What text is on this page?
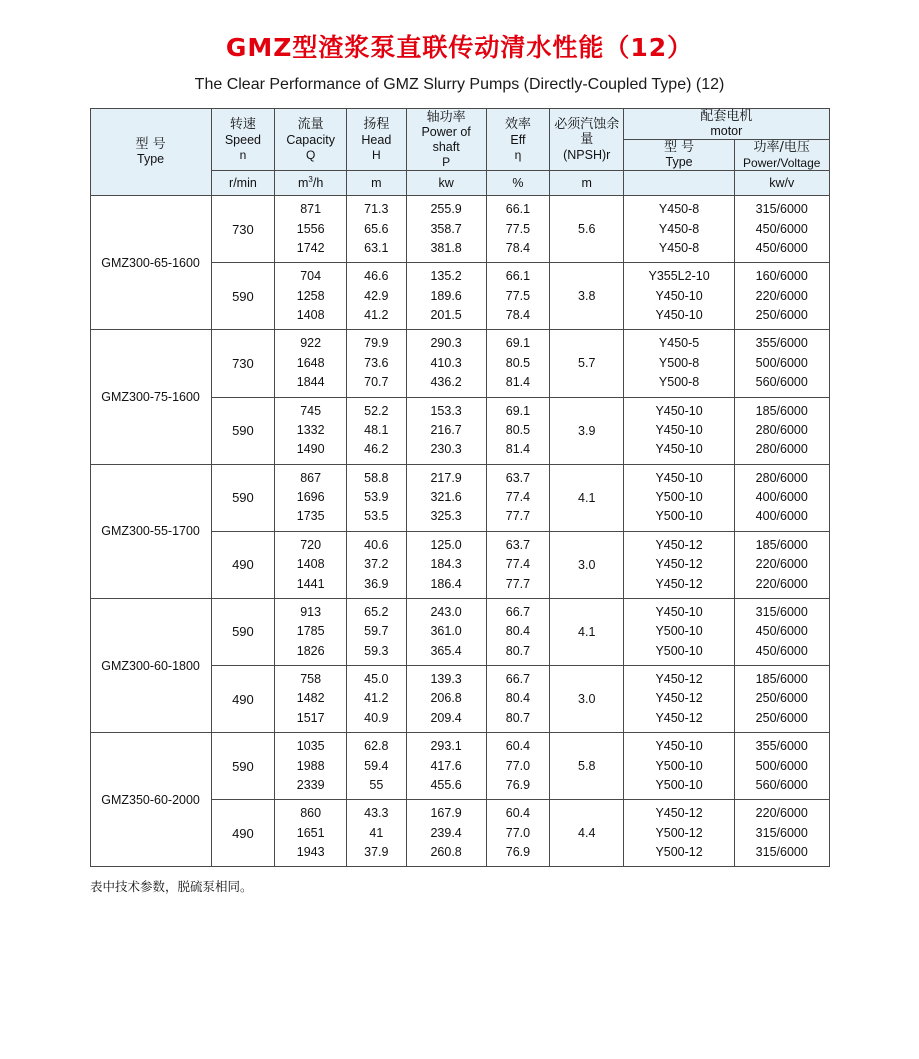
GMZ型渣浆泵直联传动清水性能（12）
The Clear Performance of GMZ Slurry Pumps (Directly-Coupled Type) (12)
型 号
Type	转速
Speed
n	流量
Capacity
Q	扬程
Head
H	轴功率
Power of shaft
P	效率
Eff
η	必须汽蚀余量
(NPSH)r	配套电机
motor	

							型 号
Type	功率/电压
Power/Voltage

	r/min	$m^3/h$	m	kw	%	m		kw/v
GMZ300-65-1600	730	871
1556
1742	71.3
65.6
63.1	255.9
358.7
381.8	66.1
77.5
78.4	5.6	Y450-8
Y450-8
Y450-8	315/6000
450/6000
450/6000

	590	704
1258
1408	46.6
42.9
41.2	135.2
189.6
201.5	66.1
77.5
78.4	3.8	Y355L2-10
Y450-10
Y450-10	160/6000
220/6000
250/6000

GMZ300-75-1600	730	922
1648
1844	79.9
73.6
70.7	290.3
410.3
436.2	69.1
80.5
81.4	5.7	Y450-5
Y500-8
Y500-8	355/6000
500/6000
560/6000

	590	745
1332
1490	52.2
48.1
46.2	153.3
216.7
230.3	69.1
80.5
81.4	3.9	Y450-10
Y450-10
Y450-10	185/6000
280/6000
280/6000

GMZ300-55-1700	590	867
1696
1735	58.8
53.9
53.5	217.9
321.6
325.3	63.7
77.4
77.7	4.1	Y450-10
Y500-10
Y500-10	280/6000
400/6000
400/6000

	490	720
1408
1441	40.6
37.2
36.9	125.0
184.3
186.4	63.7
77.4
77.7	3.0	Y450-12
Y450-12
Y450-12	185/6000
220/6000
220/6000

GMZ300-60-1800	590	913
1785
1826	65.2
59.7
59.3	243.0
361.0
365.4	66.7
80.4
80.7	4.1	Y450-10
Y500-10
Y500-10	315/6000
450/6000
450/6000

	490	758
1482
1517	45.0
41.2
40.9	139.3
206.8
209.4	66.7
80.4
80.7	3.0	Y450-12
Y450-12
Y450-12	185/6000
250/6000
250/6000

GMZ350-60-2000	590	1035
1988
2339	62.8
59.4
55	293.1
417.6
455.6	60.4
77.0
76.9	5.8	Y450-10
Y500-10
Y500-10	355/6000
500/6000
560/6000

	490	860
1651
1943	43.3
41
37.9	167.9
239.4
260.8	60.4
77.0
76.9	4.4	Y450-12
Y500-12
Y500-12	220/6000
315/6000
315/6000
表中技术参数，脱硫泵相同。
